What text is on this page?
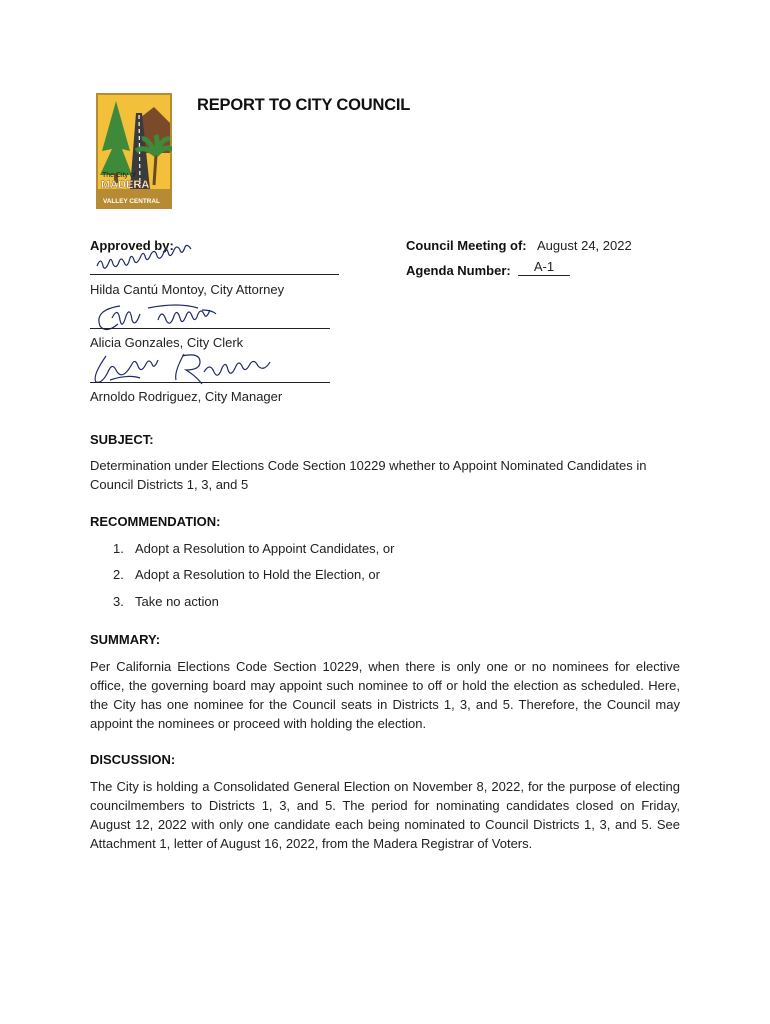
The City of
MADERA
VALLEY CENTRAL
REPORT TO CITY COUNCIL
Approved by:
Hilda Cantú Montoy, City Attorney
Alicia Gonzales, City Clerk
Arnoldo Rodriguez, City Manager
Council Meeting of: August 24, 2022
Agenda Number:	A-1
SUBJECT:
Determination under Elections Code Section 10229 whether to Appoint Nominated Candidates in Council Districts 1, 3, and 5
RECOMMENDATION:
1. Adopt a Resolution to Appoint Candidates, or
2. Adopt a Resolution to Hold the Election, or
3. Take no action
SUMMARY:
Per California Elections Code Section 10229, when there is only one or no nominees for elective office, the governing board may appoint such nominee to off or hold the election as scheduled. Here, the City has one nominee for the Council seats in Districts 1, 3, and 5. Therefore, the Council may appoint the nominees or proceed with holding the election.
DISCUSSION:
The City is holding a Consolidated General Election on November 8, 2022, for the purpose of electing councilmembers to Districts 1, 3, and 5. The period for nominating candidates closed on Friday, August 12, 2022 with only one candidate each being nominated to Council Districts 1, 3, and 5. See Attachment 1, letter of August 16, 2022, from the Madera Registrar of Voters.
